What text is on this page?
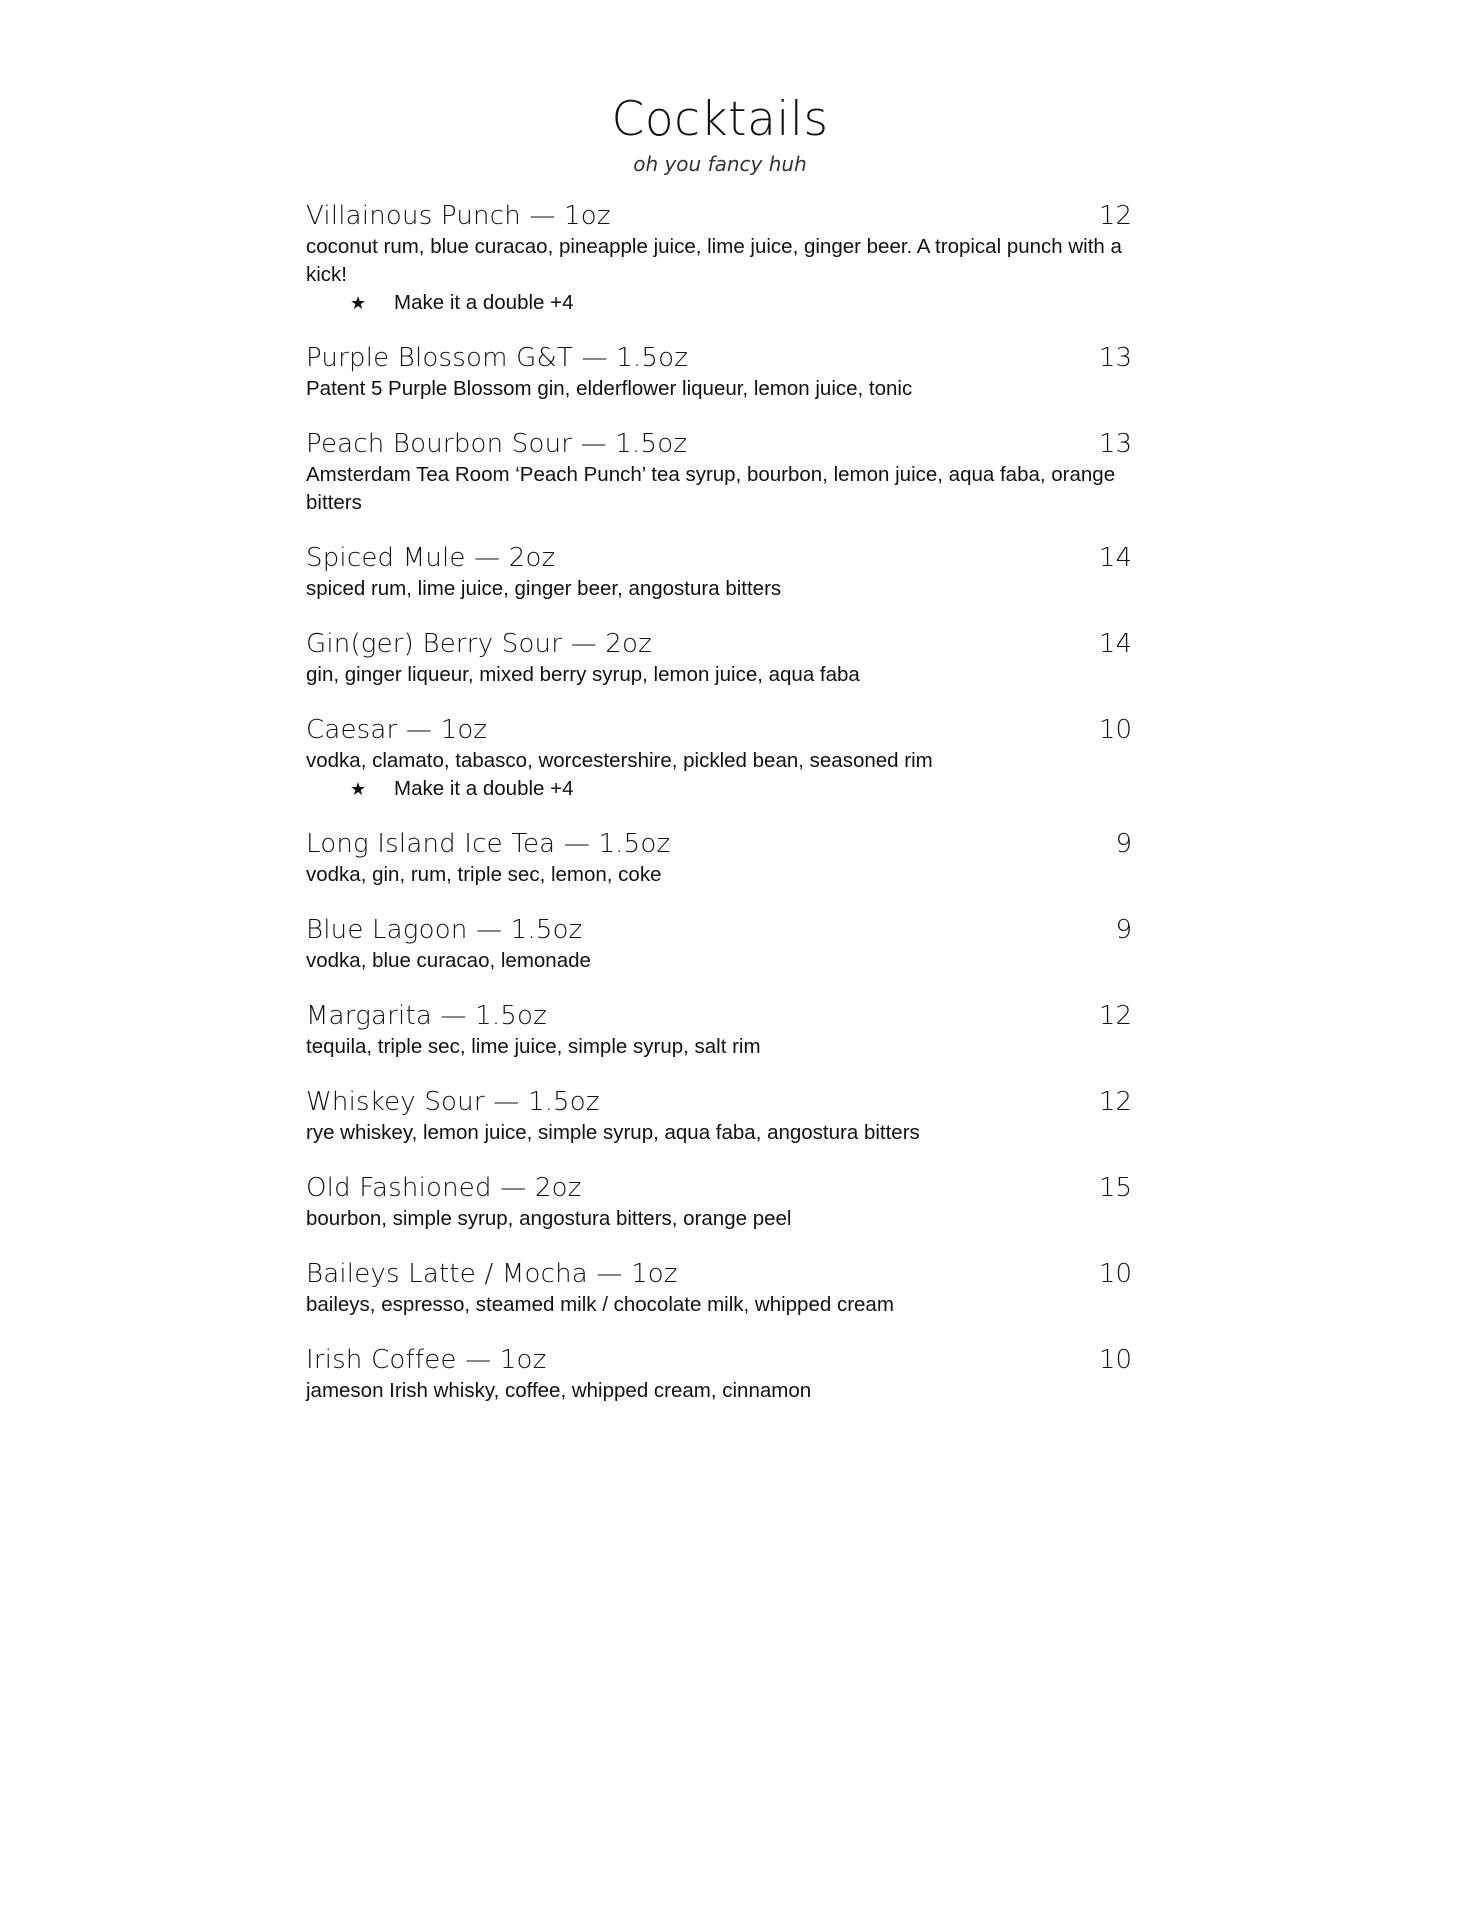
Cocktails
oh you fancy huh
Villainous Punch — 1oz	12
coconut rum, blue curacao, pineapple juice, lime juice, ginger beer. A tropical punch with a kick!
★	Make it a double +4
Purple Blossom G&T — 1.5oz	13
Patent 5 Purple Blossom gin, elderflower liqueur, lemon juice, tonic
Peach Bourbon Sour — 1.5oz	13
Amsterdam Tea Room ‘Peach Punch’ tea syrup, bourbon, lemon juice, aqua faba, orange bitters
Spiced Mule — 2oz	14
spiced rum, lime juice, ginger beer, angostura bitters
Gin(ger) Berry Sour — 2oz	14
gin, ginger liqueur, mixed berry syrup, lemon juice, aqua faba
Caesar — 1oz	10
vodka, clamato, tabasco, worcestershire, pickled bean, seasoned rim
★	Make it a double +4
Long Island Ice Tea — 1.5oz	9
vodka, gin, rum, triple sec, lemon, coke
Blue Lagoon — 1.5oz	9
vodka, blue curacao, lemonade
Margarita — 1.5oz	12
tequila, triple sec, lime juice, simple syrup, salt rim
Whiskey Sour — 1.5oz	12
rye whiskey, lemon juice, simple syrup, aqua faba, angostura bitters
Old Fashioned — 2oz	15
bourbon, simple syrup, angostura bitters, orange peel
Baileys Latte / Mocha — 1oz	10
baileys, espresso, steamed milk / chocolate milk, whipped cream
Irish Coffee — 1oz	10
jameson Irish whisky, coffee, whipped cream, cinnamon
